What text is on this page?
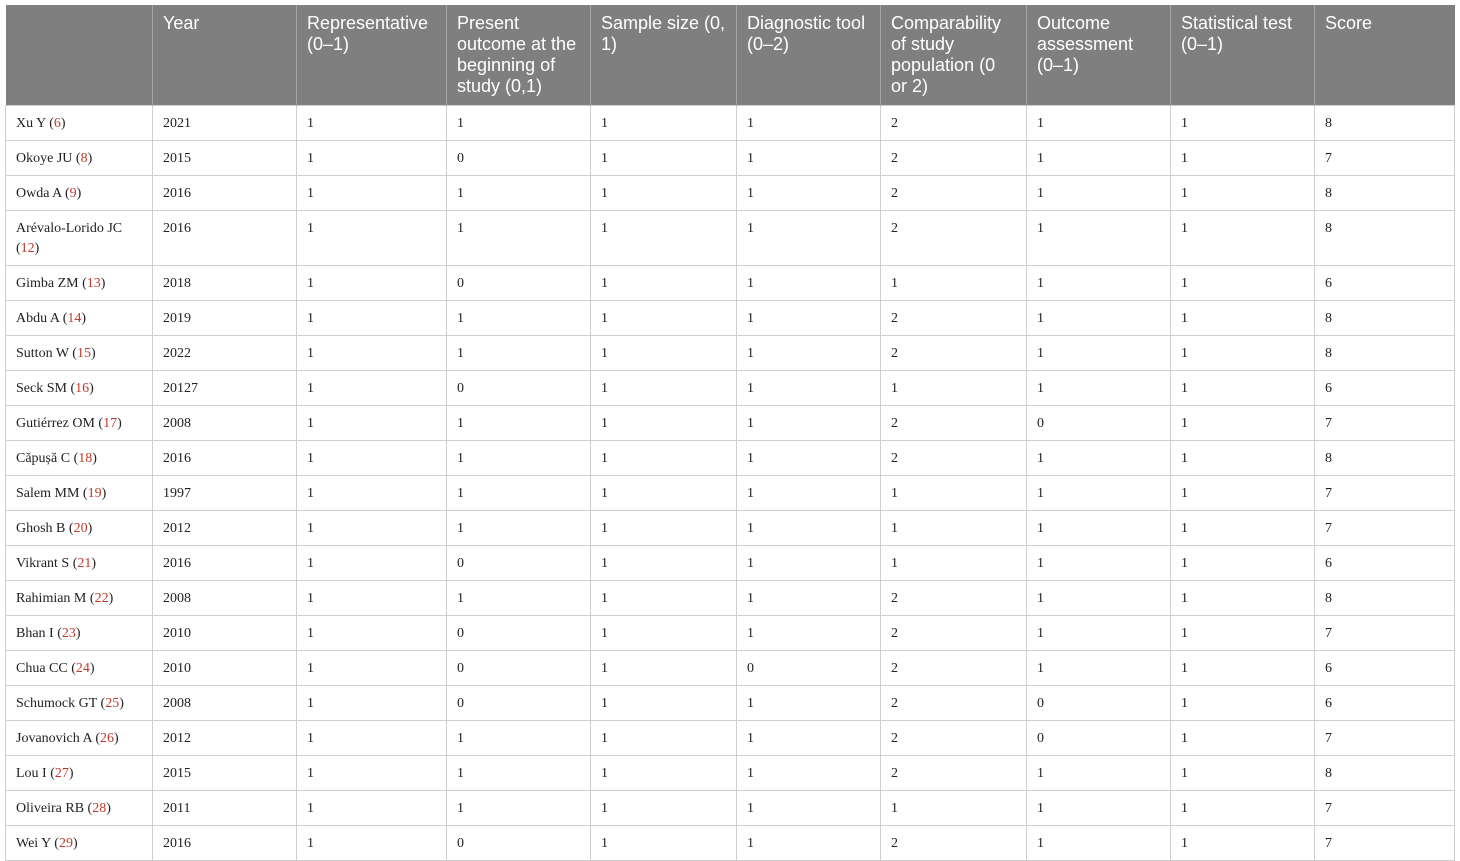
	Year	Representative (0–1)	Present outcome at the beginning of study (0,1)	Sample size (0, 1)	Diagnostic tool (0–2)	Comparability of study population (0 or 2)	Outcome assessment (0–1)	Statistical test (0–1)	Score
Xu Y (6)	2021	1	1	1	1	2	1	1	8
Okoye JU (8)	2015	1	0	1	1	2	1	1	7
Owda A (9)	2016	1	1	1	1	2	1	1	8
Arévalo-Lorido JC (12)	2016	1	1	1	1	2	1	1	8
Gimba ZM (13)	2018	1	0	1	1	1	1	1	6
Abdu A (14)	2019	1	1	1	1	2	1	1	8
Sutton W (15)	2022	1	1	1	1	2	1	1	8
Seck SM (16)	20127	1	0	1	1	1	1	1	6
Gutiérrez OM (17)	2008	1	1	1	1	2	0	1	7
Căpușă C (18)	2016	1	1	1	1	2	1	1	8
Salem MM (19)	1997	1	1	1	1	1	1	1	7
Ghosh B (20)	2012	1	1	1	1	1	1	1	7
Vikrant S (21)	2016	1	0	1	1	1	1	1	6
Rahimian M (22)	2008	1	1	1	1	2	1	1	8
Bhan I (23)	2010	1	0	1	1	2	1	1	7
Chua CC (24)	2010	1	0	1	0	2	1	1	6
Schumock GT (25)	2008	1	0	1	1	2	0	1	6
Jovanovich A (26)	2012	1	1	1	1	2	0	1	7
Lou I (27)	2015	1	1	1	1	2	1	1	8
Oliveira RB (28)	2011	1	1	1	1	1	1	1	7
Wei Y (29)	2016	1	0	1	1	2	1	1	7
